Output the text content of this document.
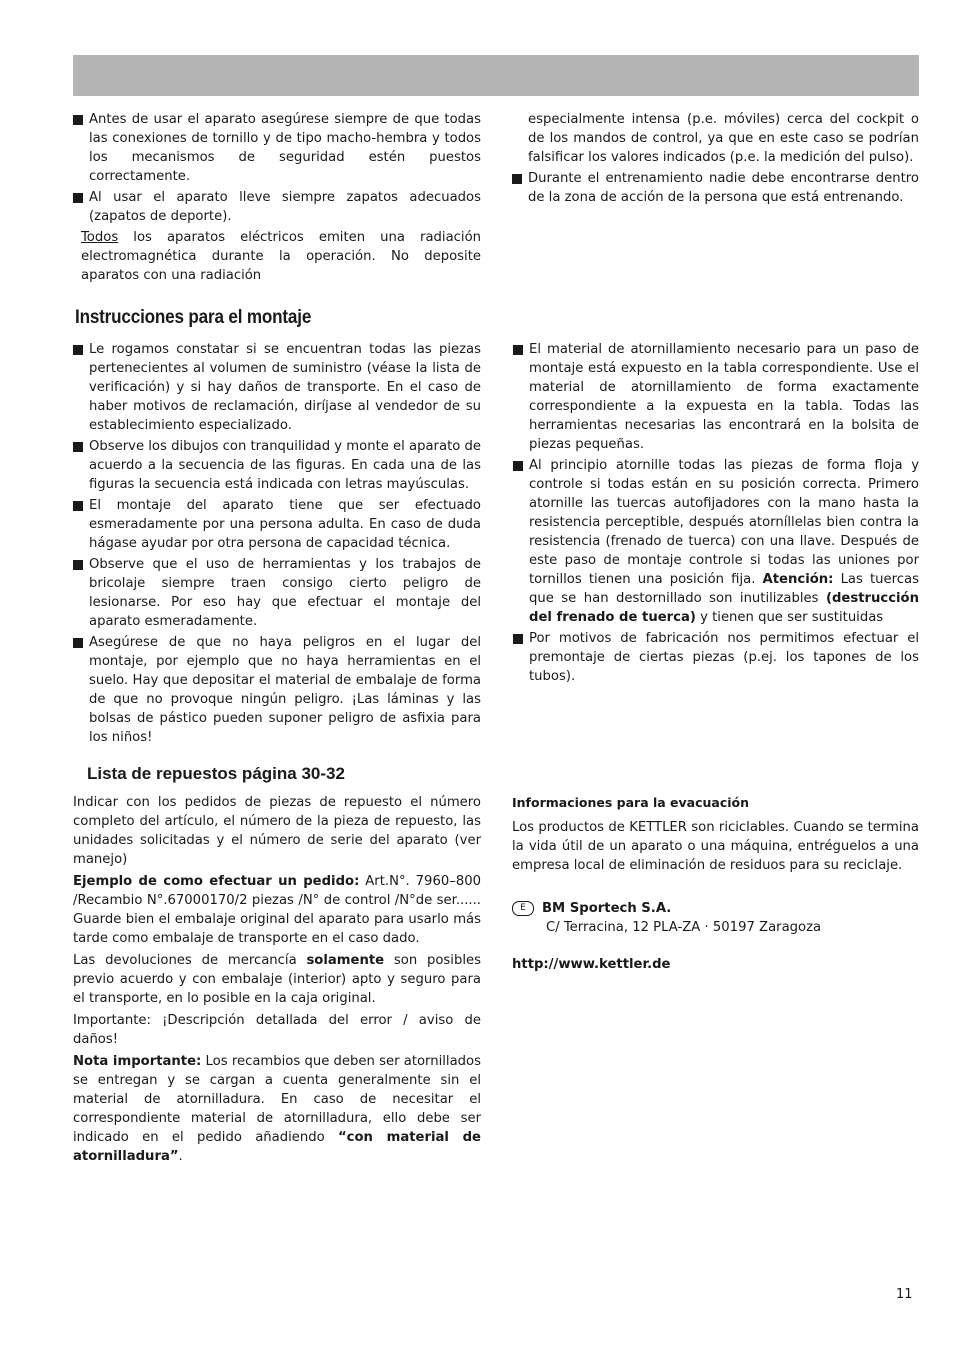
Antes de usar el aparato asegúrese siempre de que todas las conexiones de tornillo y de tipo macho-hembra y todos los mecanismos de seguridad estén puestos correctamente.
Al usar el aparato lleve siempre zapatos adecuados (zapatos de deporte).
Todos los aparatos eléctricos emiten una radiación electromagnética durante la operación. No deposite aparatos con una radiación
especialmente intensa (p.e. móviles) cerca del cockpit o de los mandos de control, ya que en este caso se podrían falsificar los valores indicados (p.e. la medición del pulso).
Durante el entrenamiento nadie debe encontrarse dentro de la zona de acción de la persona que está entrenando.
Instrucciones para el montaje
Le rogamos constatar si se encuentran todas las piezas pertenecientes al volumen de suministro (véase la lista de verificación) y si hay daños de transporte. En el caso de haber motivos de reclamación, diríjase al vendedor de su establecimiento especializado.
Observe los dibujos con tranquilidad y monte el aparato de acuerdo a la secuencia de las figuras. En cada una de las figuras la secuencia está indicada con letras mayúsculas.
El montaje del aparato tiene que ser efectuado esmeradamente por una persona adulta. En caso de duda hágase ayudar por otra persona de capacidad técnica.
Observe que el uso de herramientas y los trabajos de bricolaje siempre traen consigo cierto peligro de lesionarse. Por eso hay que efectuar el montaje del aparato esmeradamente.
Asegúrese de que no haya peligros en el lugar del montaje, por ejemplo que no haya herramientas en el suelo. Hay que depositar el material de embalaje de forma de que no provoque ningún peligro. ¡Las láminas y las bolsas de pástico pueden suponer peligro de asfixia para los niños!
El material de atornillamiento necesario para un paso de montaje está expuesto en la tabla correspondiente. Use el material de atornillamiento de forma exactamente correspondiente a la expuesta en la tabla. Todas las herramientas necesarias las encontrará en la bolsita de piezas pequeñas.
Al principio atornille todas las piezas de forma floja y controle si todas están en su posición correcta. Primero atornille las tuercas autofijadores con la mano hasta la resistencia perceptible, después atorníllelas bien contra la resistencia (frenado de tuerca) con una llave. Después de este paso de montaje controle si todas las uniones por tornillos tienen una posición fija. Atención: Las tuercas que se han destornillado son inutilizables (destrucción del frenado de tuerca) y tienen que ser sustituidas
Por motivos de fabricación nos permitimos efectuar el premontaje de ciertas piezas (p.ej. los tapones de los tubos).
Lista de repuestos página 30-32

Indicar con los pedidos de piezas de repuesto el número completo del artículo, el número de la pieza de repuesto, las unidades solicitadas y el número de serie del aparato (ver manejo)

Ejemplo de como efectuar un pedido: Art.N°. 7960–800 /Recambio N°.67000170/2 piezas /N° de control /N°de ser...... Guarde bien el embalaje original del aparato para usarlo más tarde como embalaje de transporte en el caso dado.

Las devoluciones de mercancía solamente son posibles previo acuerdo y con embalaje (interior) apto y seguro para el transporte, en lo posible en la caja original.

Importante: ¡Descripción detallada del error / aviso de daños!

Nota importante: Los recambios que deben ser atornillados se entregan y se cargan a cuenta generalmente sin el material de atornilladura. En caso de necesitar el correspondiente material de atornilladura, ello debe ser indicado en el pedido añadiendo “con material de atornilladura”.

Informaciones para la evacuación

Los productos de KETTLER son riciclables. Cuando se termina la vida útil de un aparato o una máquina, entréguelos a una empresa local de eliminación de residuos para su reciclaje.

E BM Sportech S.A.
C/ Terracina, 12 PLA-ZA · 50197 Zaragoza
http://www.kettler.de
11
